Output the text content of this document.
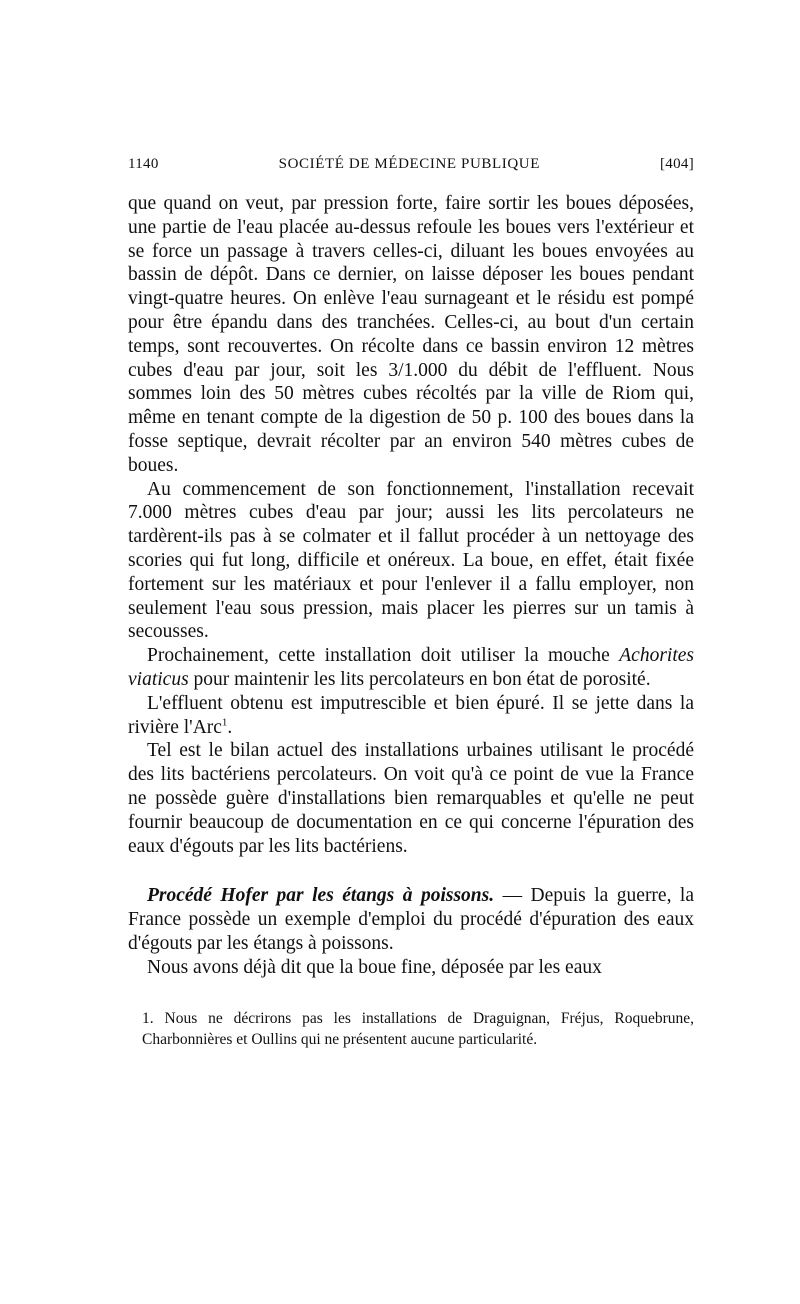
1140	SOCIÉTÉ DE MÉDECINE PUBLIQUE	[404]

que quand on veut, par pression forte, faire sortir les boues déposées, une partie de l'eau placée au-dessus refoule les boues vers l'extérieur et se force un passage à travers celles-ci, diluant les boues envoyées au bassin de dépôt. Dans ce dernier, on laisse déposer les boues pendant vingt-quatre heures. On enlève l'eau surnageant et le résidu est pompé pour être épandu dans des tranchées. Celles-ci, au bout d'un certain temps, sont recouvertes. On récolte dans ce bassin environ 12 mètres cubes d'eau par jour, soit les 3/1.000 du débit de l'effluent. Nous sommes loin des 50 mètres cubes récoltés par la ville de Riom qui, même en tenant compte de la digestion de 50 p. 100 des boues dans la fosse septique, devrait récolter par an environ 540 mètres cubes de boues.

Au commencement de son fonctionnement, l'installation recevait 7.000 mètres cubes d'eau par jour; aussi les lits percolateurs ne tardèrent-ils pas à se colmater et il fallut procéder à un nettoyage des scories qui fut long, difficile et onéreux. La boue, en effet, était fixée fortement sur les matériaux et pour l'enlever il a fallu employer, non seulement l'eau sous pression, mais placer les pierres sur un tamis à secousses.

Prochainement, cette installation doit utiliser la mouche Achorites viaticus pour maintenir les lits percolateurs en bon état de porosité.

L'effluent obtenu est imputrescible et bien épuré. Il se jette dans la rivière l'Arc$^1$.

Tel est le bilan actuel des installations urbaines utilisant le procédé des lits bactériens percolateurs. On voit qu'à ce point de vue la France ne possède guère d'installations bien remarquables et qu'elle ne peut fournir beaucoup de documentation en ce qui concerne l'épuration des eaux d'égouts par les lits bactériens.

Procédé Hofer par les étangs à poissons. — Depuis la guerre, la France possède un exemple d'emploi du procédé d'épuration des eaux d'égouts par les étangs à poissons.

Nous avons déjà dit que la boue fine, déposée par les eaux

1. Nous ne décrirons pas les installations de Draguignan, Fréjus, Roquebrune, Charbonnières et Oullins qui ne présentent aucune particularité.
